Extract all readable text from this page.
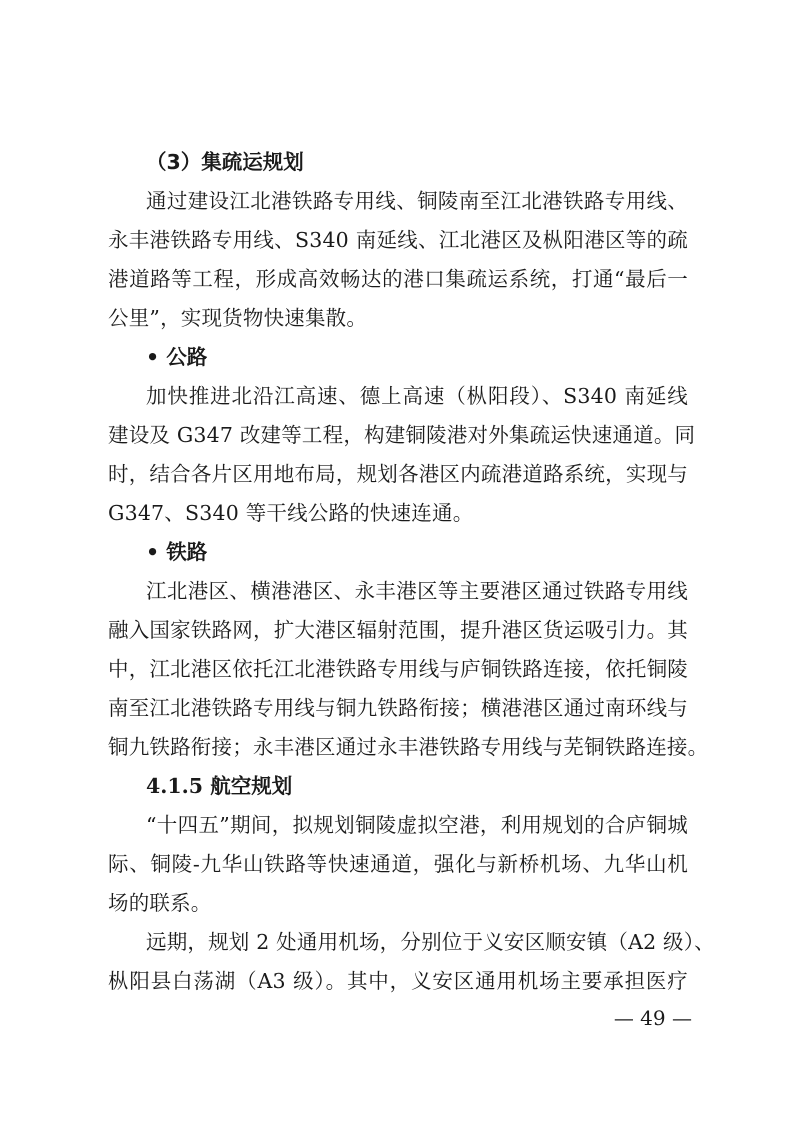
（3）集疏运规划
通过建设江北港铁路专用线、铜陵南至江北港铁路专用线、
永丰港铁路专用线、S340 南延线、江北港区及枞阳港区等的疏
港道路等工程，形成高效畅达的港口集疏运系统，打通“最后一
公里”，实现货物快速集散。
• 公路
加快推进北沿江高速、德上高速（枞阳段）、S340 南延线
建设及 G347 改建等工程，构建铜陵港对外集疏运快速通道。同
时，结合各片区用地布局，规划各港区内疏港道路系统，实现与
G347、S340 等干线公路的快速连通。
• 铁路
江北港区、横港港区、永丰港区等主要港区通过铁路专用线
融入国家铁路网，扩大港区辐射范围，提升港区货运吸引力。其
中，江北港区依托江北港铁路专用线与庐铜铁路连接，依托铜陵
南至江北港铁路专用线与铜九铁路衔接；横港港区通过南环线与
铜九铁路衔接；永丰港区通过永丰港铁路专用线与芜铜铁路连接。
4.1.5 航空规划
“十四五”期间，拟规划铜陵虚拟空港，利用规划的合庐铜城
际、铜陵-九华山铁路等快速通道，强化与新桥机场、九华山机
场的联系。
远期，规划 2 处通用机场，分别位于义安区顺安镇（A2 级）、
枞阳县白荡湖（A3 级）。其中，义安区通用机场主要承担医疗
— 49 —
